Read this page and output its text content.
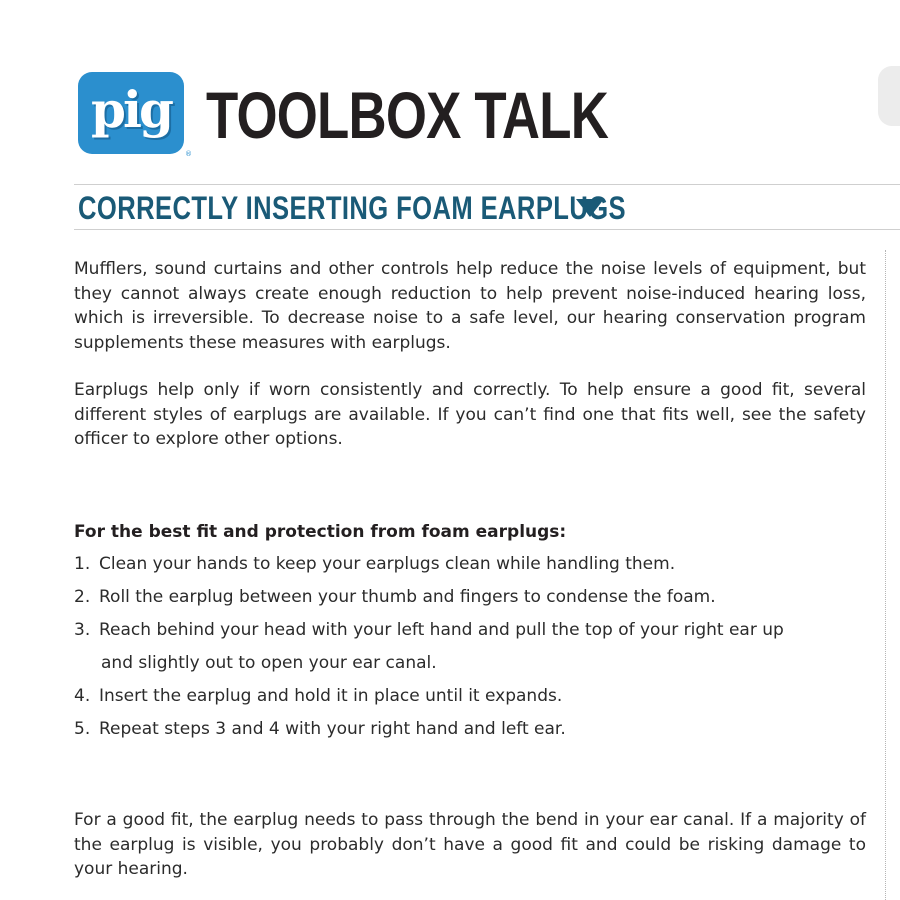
pig
®
TOOLBOX TALK
CORRECTLY INSERTING FOAM EARPLUGS

Mufflers, sound curtains and other controls help reduce the noise levels of equipment, but they cannot always create enough reduction to help prevent noise-induced hearing loss, which is irreversible. To decrease noise to a safe level, our hearing conservation program supplements these measures with earplugs.

Earplugs help only if worn consistently and correctly. To help ensure a good fit, several different styles of earplugs are available. If you can’t find one that fits well, see the safety officer to explore other options.

For the best fit and protection from foam earplugs:
1. Clean your hands to keep your earplugs clean while handling them.
2. Roll the earplug between your thumb and fingers to condense the foam.
3. Reach behind your head with your left hand and pull the top of your right ear up
and slightly out to open your ear canal.
4. Insert the earplug and hold it in place until it expands.
5. Repeat steps 3 and 4 with your right hand and left ear.

For a good fit, the earplug needs to pass through the bend in your ear canal. If a majority of the earplug is visible, you probably don’t have a good fit and could be risking damage to your hearing.
